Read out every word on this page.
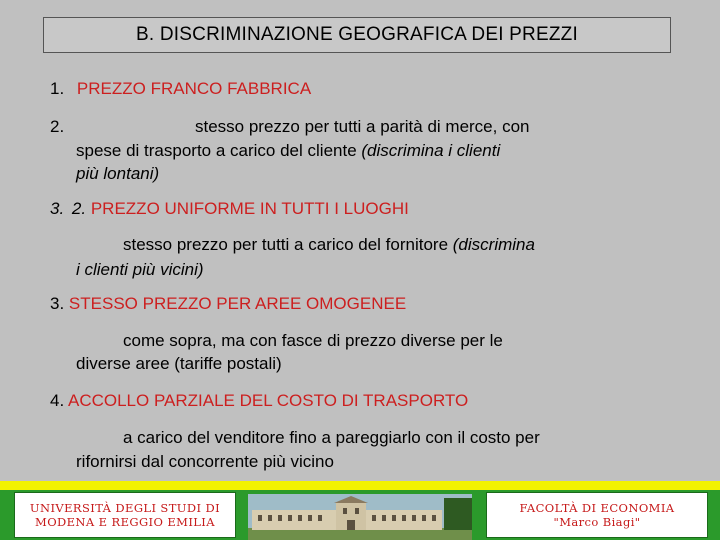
B. DISCRIMINAZIONE GEOGRAFICA DEI PREZZI
1. PREZZO FRANCO FABBRICA
2.	stesso prezzo per tutti a parità di merce, con
spese di trasporto a carico del cliente (discrimina i clienti
più lontani)
3. 2. PREZZO UNIFORME IN TUTTI I LUOGHI
stesso prezzo per tutti a carico del fornitore (discrimina
i clienti più vicini)
3. STESSO PREZZO PER AREE OMOGENEE
come sopra, ma con fasce di prezzo diverse per le
diverse aree (tariffe postali)
4. ACCOLLO PARZIALE DEL COSTO DI TRASPORTO
a carico del venditore fino a pareggiarlo con il costo per
rifornirsi dal concorrente più vicino
UNIVERSITÀ DEGLI STUDI DI
MODENA E REGGIO EMILIA
FACOLTÀ DI ECONOMIA
"Marco Biagi"
